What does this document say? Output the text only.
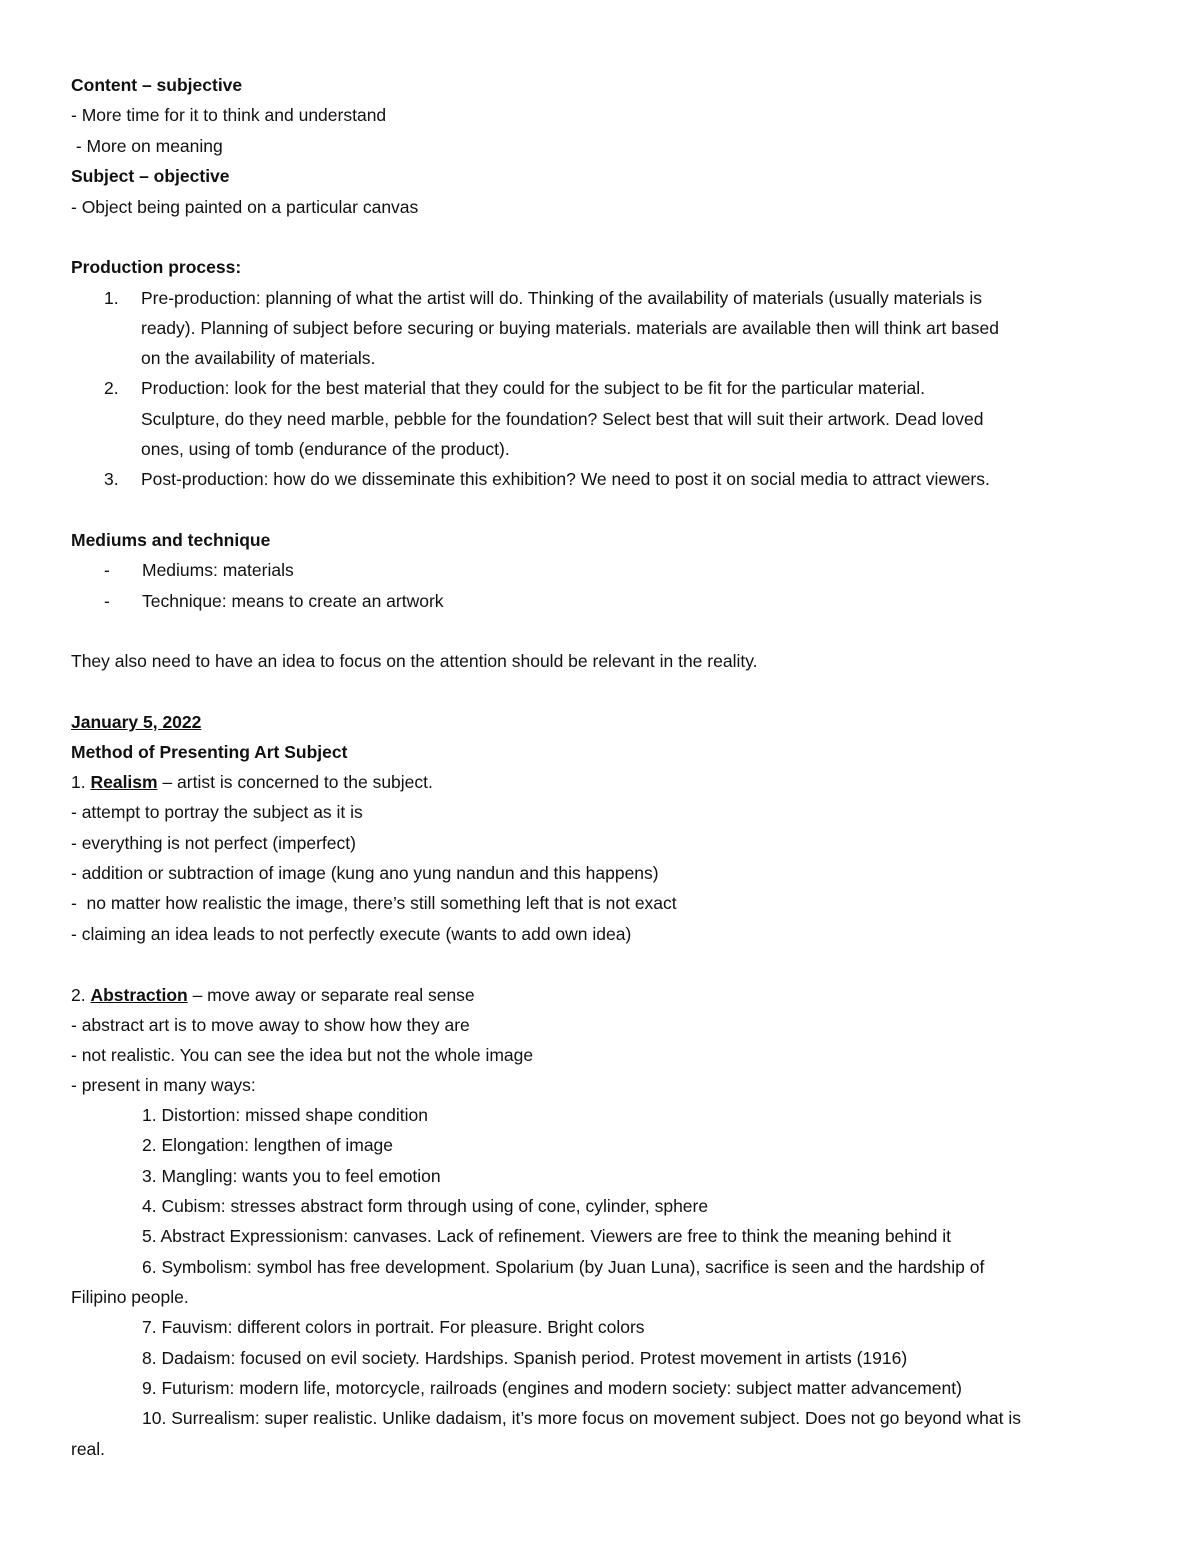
Content – subjective
- More time for it to think and understand
- More on meaning
Subject – objective
- Object being painted on a particular canvas
Production process:
1. Pre-production: planning of what the artist will do. Thinking of the availability of materials (usually materials is
ready). Planning of subject before securing or buying materials. materials are available then will think art based
on the availability of materials.
2. Production: look for the best material that they could for the subject to be fit for the particular material.
Sculpture, do they need marble, pebble for the foundation? Select best that will suit their artwork. Dead loved
ones, using of tomb (endurance of the product).
3. Post-production: how do we disseminate this exhibition? We need to post it on social media to attract viewers.
Mediums and technique
- Mediums: materials
- Technique: means to create an artwork
They also need to have an idea to focus on the attention should be relevant in the reality.
January 5, 2022
Method of Presenting Art Subject
1. Realism – artist is concerned to the subject.
- attempt to portray the subject as it is
- everything is not perfect (imperfect)
- addition or subtraction of image (kung ano yung nandun and this happens)
-  no matter how realistic the image, there’s still something left that is not exact
- claiming an idea leads to not perfectly execute (wants to add own idea)
2. Abstraction – move away or separate real sense
- abstract art is to move away to show how they are
- not realistic. You can see the idea but not the whole image
- present in many ways:
1. Distortion: missed shape condition
2. Elongation: lengthen of image
3. Mangling: wants you to feel emotion
4. Cubism: stresses abstract form through using of cone, cylinder, sphere
5. Abstract Expressionism: canvases. Lack of refinement. Viewers are free to think the meaning behind it
6. Symbolism: symbol has free development. Spolarium (by Juan Luna), sacrifice is seen and the hardship of
Filipino people.
7. Fauvism: different colors in portrait. For pleasure. Bright colors
8. Dadaism: focused on evil society. Hardships. Spanish period. Protest movement in artists (1916)
9. Futurism: modern life, motorcycle, railroads (engines and modern society: subject matter advancement)
10. Surrealism: super realistic. Unlike dadaism, it’s more focus on movement subject. Does not go beyond what is
real.
